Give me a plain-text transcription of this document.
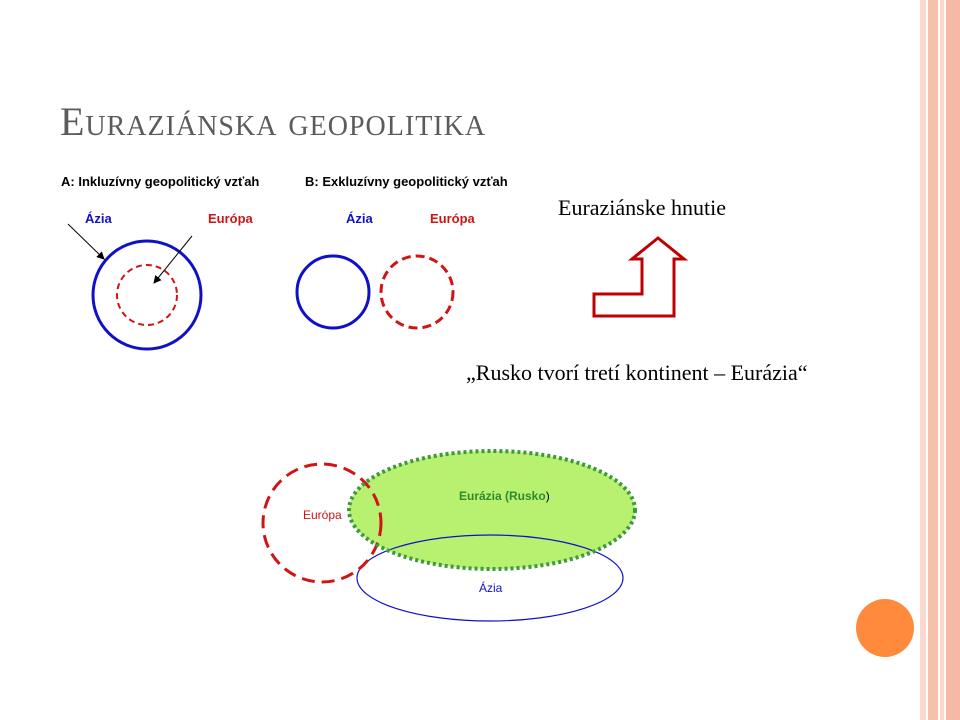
Euraziánska geopolitika
A: Inkluzívny geopolitický vzťah	B: Exkluzívny geopolitický vzťah
Ázia	Európa	Ázia	Európa	Euraziánske hnutie
„Rusko tvorí tretí kontinent – Eurázia“
Európa
Eurázia (Rusko)
Ázia
